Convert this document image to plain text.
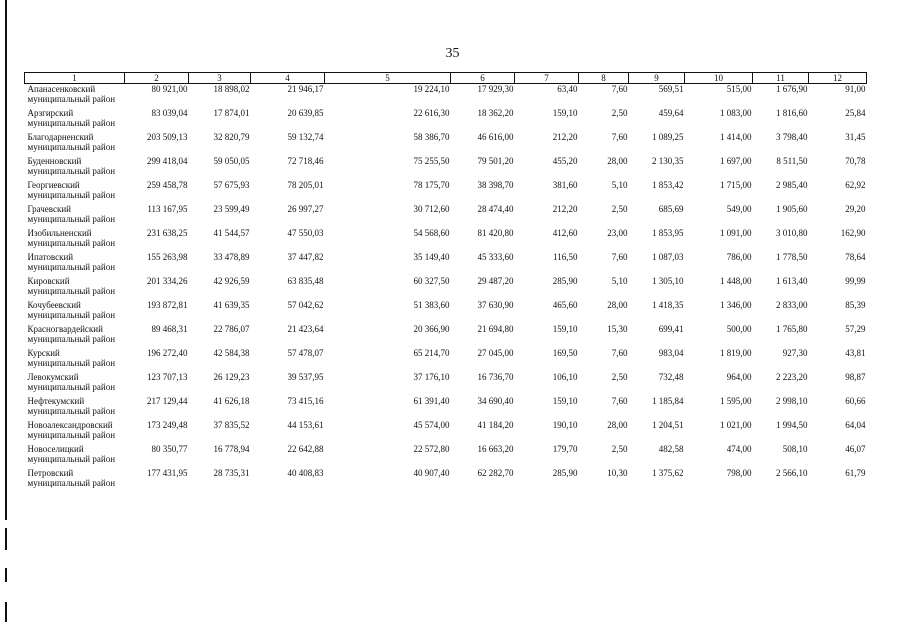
35
1	2	3	4	5	6	7	8	9	10	11	12

Апанасенковский
муниципальный район	80 921,00	18 898,02	21 946,17	19 224,10	17 929,30	63,40	7,60	569,51	515,00	1 676,90	91,00

Арзгирский
муниципальный район	83 039,04	17 874,01	20 639,85	22 616,30	18 362,20	159,10	2,50	459,64	1 083,00	1 816,60	25,84

Благодарненский
муниципальный район	203 509,13	32 820,79	59 132,74	58 386,70	46 616,00	212,20	7,60	1 089,25	1 414,00	3 798,40	31,45

Буденновский
муниципальный район	299 418,04	59 050,05	72 718,46	75 255,50	79 501,20	455,20	28,00	2 130,35	1 697,00	8 511,50	70,78

Георгиевский
муниципальный район	259 458,78	57 675,93	78 205,01	78 175,70	38 398,70	381,60	5,10	1 853,42	1 715,00	2 985,40	62,92

Грачевский
муниципальный район	113 167,95	23 599,49	26 997,27	30 712,60	28 474,40	212,20	2,50	685,69	549,00	1 905,60	29,20

Изобильненский
муниципальный район	231 638,25	41 544,57	47 550,03	54 568,60	81 420,80	412,60	23,00	1 853,95	1 091,00	3 010,80	162,90

Ипатовский
муниципальный район	155 263,98	33 478,89	37 447,82	35 149,40	45 333,60	116,50	7,60	1 087,03	786,00	1 778,50	78,64

Кировский
муниципальный район	201 334,26	42 926,59	63 835,48	60 327,50	29 487,20	285,90	5,10	1 305,10	1 448,00	1 613,40	99,99

Кочубеевский
муниципальный район	193 872,81	41 639,35	57 042,62	51 383,60	37 630,90	465,60	28,00	1 418,35	1 346,00	2 833,00	85,39

Красногвардейский
муниципальный район	89 468,31	22 786,07	21 423,64	20 366,90	21 694,80	159,10	15,30	699,41	500,00	1 765,80	57,29

Курский
муниципальный район	196 272,40	42 584,38	57 478,07	65 214,70	27 045,00	169,50	7,60	983,04	1 819,00	927,30	43,81

Левокумский
муниципальный район	123 707,13	26 129,23	39 537,95	37 176,10	16 736,70	106,10	2,50	732,48	964,00	2 223,20	98,87

Нефтекумский
муниципальный район	217 129,44	41 626,18	73 415,16	61 391,40	34 690,40	159,10	7,60	1 185,84	1 595,00	2 998,10	60,66

Новоалександровский
муниципальный район	173 249,48	37 835,52	44 153,61	45 574,00	41 184,20	190,10	28,00	1 204,51	1 021,00	1 994,50	64,04

Новоселицкий
муниципальный район	80 350,77	16 778,94	22 642,88	22 572,80	16 663,20	179,70	2,50	482,58	474,00	508,10	46,07

Петровский
муниципальный район	177 431,95	28 735,31	40 408,83	40 907,40	62 282,70	285,90	10,30	1 375,62	798,00	2 566,10	61,79
